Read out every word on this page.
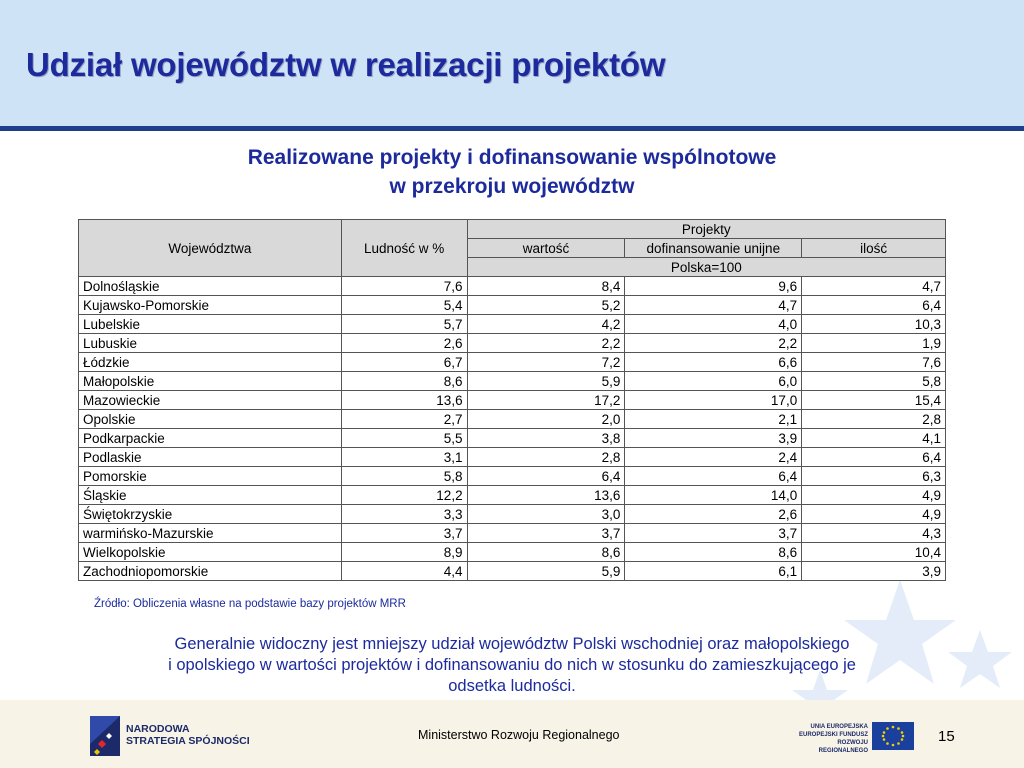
Udział województw w realizacji projektów
Realizowane projekty i dofinansowanie wspólnotowe
w przekroju województw
Województwa	Ludność w %	Projekty		
		wartość	dofinansowanie unijne	ilość
		Polska=100		
Dolnośląskie	7,6	8,4	9,6	4,7
Kujawsko-Pomorskie	5,4	5,2	4,7	6,4
Lubelskie	5,7	4,2	4,0	10,3
Lubuskie	2,6	2,2	2,2	1,9
Łódzkie	6,7	7,2	6,6	7,6
Małopolskie	8,6	5,9	6,0	5,8
Mazowieckie	13,6	17,2	17,0	15,4
Opolskie	2,7	2,0	2,1	2,8
Podkarpackie	5,5	3,8	3,9	4,1
Podlaskie	3,1	2,8	2,4	6,4
Pomorskie	5,8	6,4	6,4	6,3
Śląskie	12,2	13,6	14,0	4,9
Świętokrzyskie	3,3	3,0	2,6	4,9
warmińsko-Mazurskie	3,7	3,7	3,7	4,3
Wielkopolskie	8,9	8,6	8,6	10,4
Zachodniopomorskie	4,4	5,9	6,1	3,9
Źródło: Obliczenia własne na podstawie bazy projektów MRR
Generalnie widoczny jest mniejszy udział województw Polski wschodniej oraz małopolskiego
i opolskiego w wartości projektów i dofinansowaniu do nich w stosunku do zamieszkującego je
odsetka ludności.
NARODOWA
STRATEGIA SPÓJNOŚCI	Ministerstwo Rozwoju Regionalnego
UNIA EUROPEJSKA
EUROPEJSKI FUNDUSZ
ROZWOJU REGIONALNEGO
15
